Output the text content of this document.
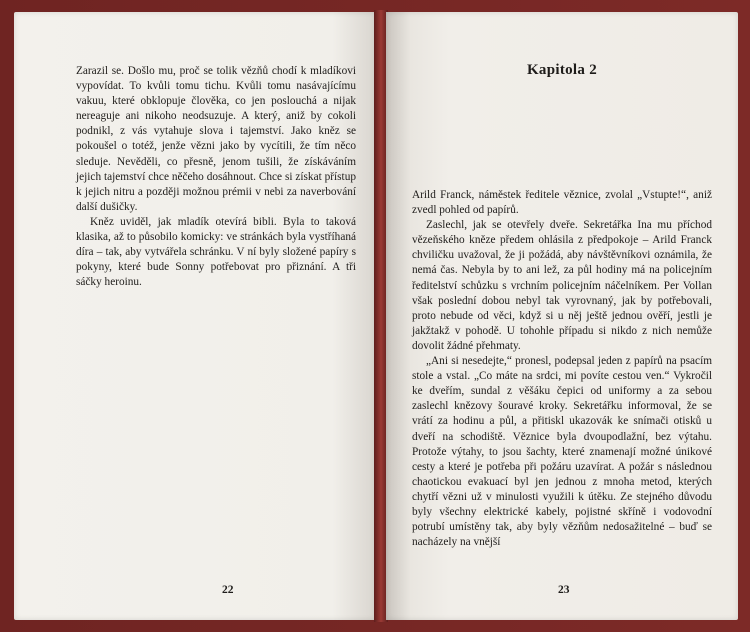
Zarazil se. Došlo mu, proč se tolik vězňů chodí k mladíkovi vypovídat. To kvůli tomu tichu. Kvůli tomu nasávajícímu vakuu, které obklopuje člověka, co jen poslouchá a nijak nereaguje ani nikoho neodsuzuje. A který, aniž by cokoli podnikl, z vás vytahuje slova i tajemství. Jako kněz se pokoušel o totéž, jenže vězni jako by vycítili, že tím něco sleduje. Nevěděli, co přesně, jenom tušili, že získáváním jejich tajemství chce něčeho dosáhnout. Chce si získat přístup k jejich nitru a později možnou prémii v nebi za naverbování další dušičky.

Kněz uviděl, jak mladík otevírá bibli. Byla to taková klasika, až to působilo komicky: ve stránkách byla vystříhaná díra – tak, aby vytvářela schránku. V ní byly složené papíry s pokyny, které bude Sonny potřebovat pro přiznání. A tři sáčky heroinu.

22
Kapitola 2

Arild Franck, náměstek ředitele věznice, zvolal „Vstupte!“, aniž zvedl pohled od papírů.

Zaslechl, jak se otevřely dveře. Sekretářka Ina mu příchod vězeňského kněze předem ohlásila z předpokoje – Arild Franck chviličku uvažoval, že ji požádá, aby návštěvníkovi oznámila, že nemá čas. Nebyla by to ani lež, za půl hodiny má na policejním ředitelství schůzku s vrchním policejním náčelníkem. Per Vollan však poslední dobou nebyl tak vyrovnaný, jak by potřebovali, proto nebude od věci, když si u něj ještě jednou ověří, jestli je jakžtakž v pohodě. U tohohle případu si nikdo z nich nemůže dovolit žádné přehmaty.

„Ani si nesedejte,“ pronesl, podepsal jeden z papírů na psacím stole a vstal. „Co máte na srdci, mi povíte cestou ven.“ Vykročil ke dveřím, sundal z věšáku čepici od uniformy a za sebou zaslechl knězovy šouravé kroky. Sekretářku informoval, že se vrátí za hodinu a půl, a přitiskl ukazovák ke snímači otisků u dveří na schodiště. Věznice byla dvoupodlažní, bez výtahu. Protože výtahy, to jsou šachty, které znamenají možné únikové cesty a které je potřeba při požáru uzavírat. A požár s následnou chaotickou evakuací byl jen jednou z mnoha metod, kterých chytří vězni už v minulosti využili k útěku. Ze stejného důvodu byly všechny elektrické kabely, pojistné skříně i vodovodní potrubí umístěny tak, aby byly vězňům nedosažitelné – buď se nacházely na vnější

23
